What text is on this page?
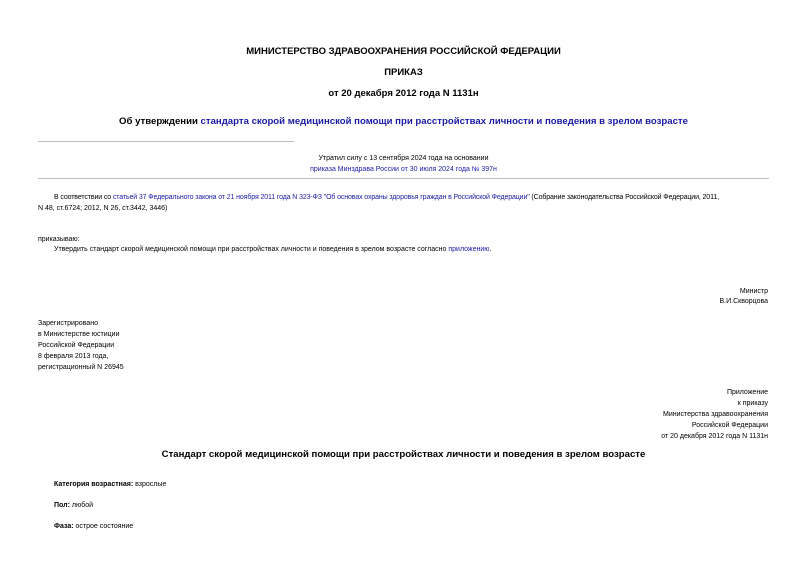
МИНИСТЕРСТВО ЗДРАВООХРАНЕНИЯ РОССИЙСКОЙ ФЕДЕРАЦИИ
ПРИКАЗ
от 20 декабря 2012 года N 1131н
Об утверждении стандарта скорой медицинской помощи при расстройствах личности и поведения в зрелом возрасте
Утратил силу с 13 сентября 2024 года на основании
приказа Минздрава России от 30 июля 2024 года № 397н
В соответствии со статьей 37 Федерального закона от 21 ноября 2011 года N 323-ФЗ "Об основах охраны здоровья граждан в Российской Федерации" (Собрание законодательства Российской Федерации, 2011,
N 48, ст.6724; 2012, N 26, ст.3442, 3446)
приказываю:
Утвердить стандарт скорой медицинской помощи при расстройствах личности и поведения в зрелом возрасте согласно приложению.
Министр
В.И.Скворцова
Зарегистрировано
в Министерстве юстиции
Российской Федерации
8 февраля 2013 года,
регистрационный N 26945
Приложение
к приказу
Министерства здравоохранения
Российской Федерации
от 20 декабря 2012 года N 1131н
Стандарт скорой медицинской помощи при расстройствах личности и поведения в зрелом возрасте
Категория возрастная: взрослые
Пол: любой
Фаза: острое состояние
